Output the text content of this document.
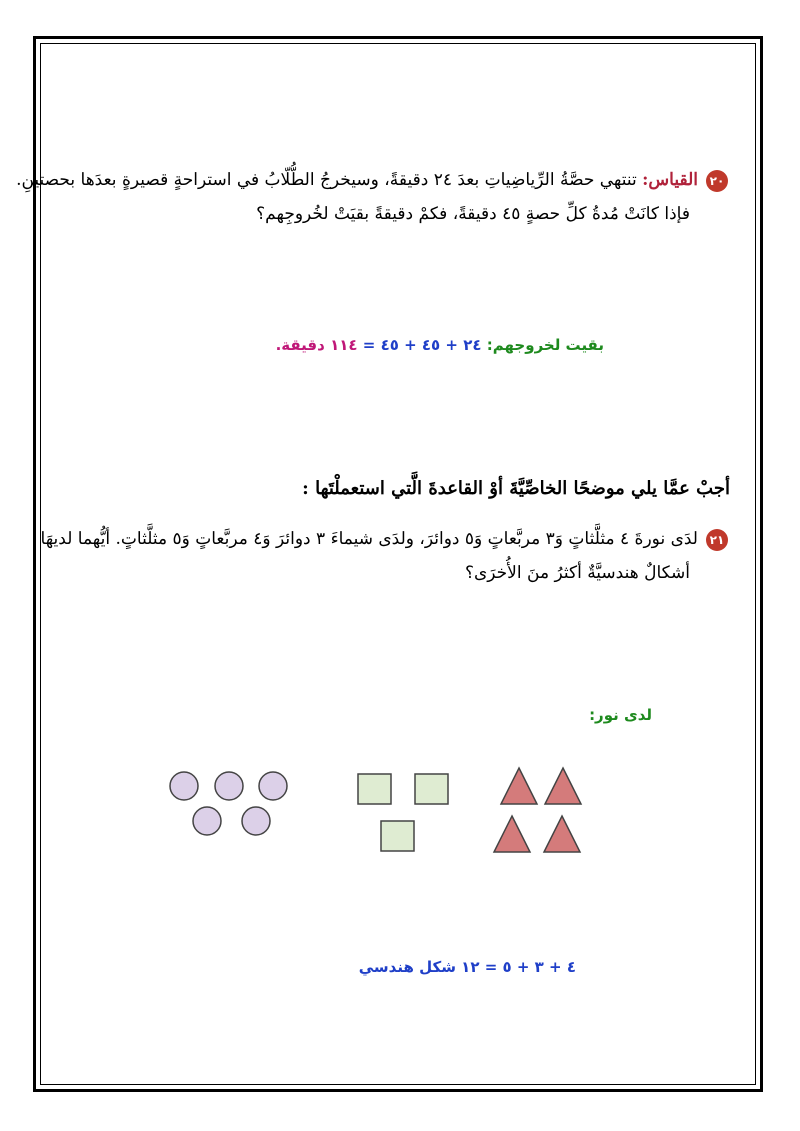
٢٠القياس: تنتهي حصَّةُ الرِّياضِياتِ بعدَ ٢٤ دقيقةً، وسيخرجُ الطُّلّابُ في استراحةٍ قصيرةٍ بعدَها بحصتينِ.
فإذا كانَتْ مُدةُ كلِّ حصةٍ ٤٥ دقيقةً، فكمْ دقيقةً بقيَتْ لخُروجِهم؟
بقيت لخروجهم: ٢٤ + ٤٥ + ٤٥ = ١١٤ دقيقة.
أجبْ عمَّا يلي موضحًا الخاصِّيَّةَ أوْ القاعدةَ الَّتي استعملْتَها :
٢١لدَى نورةَ ٤ مثلَّثاتٍ وَ٣ مربَّعاتٍ وَ٥ دوائرَ، ولدَى شيماءَ ٣ دوائرَ وَ٤ مربَّعاتٍ وَ٥ مثلَّثاتٍ. أيُّهما لديهَا
أشكالٌ هندسيَّةٌ أكثرُ منَ الأُخرَى؟
لدى نور:
٤ + ٣ + ٥ = ١٢ شكل هندسي
